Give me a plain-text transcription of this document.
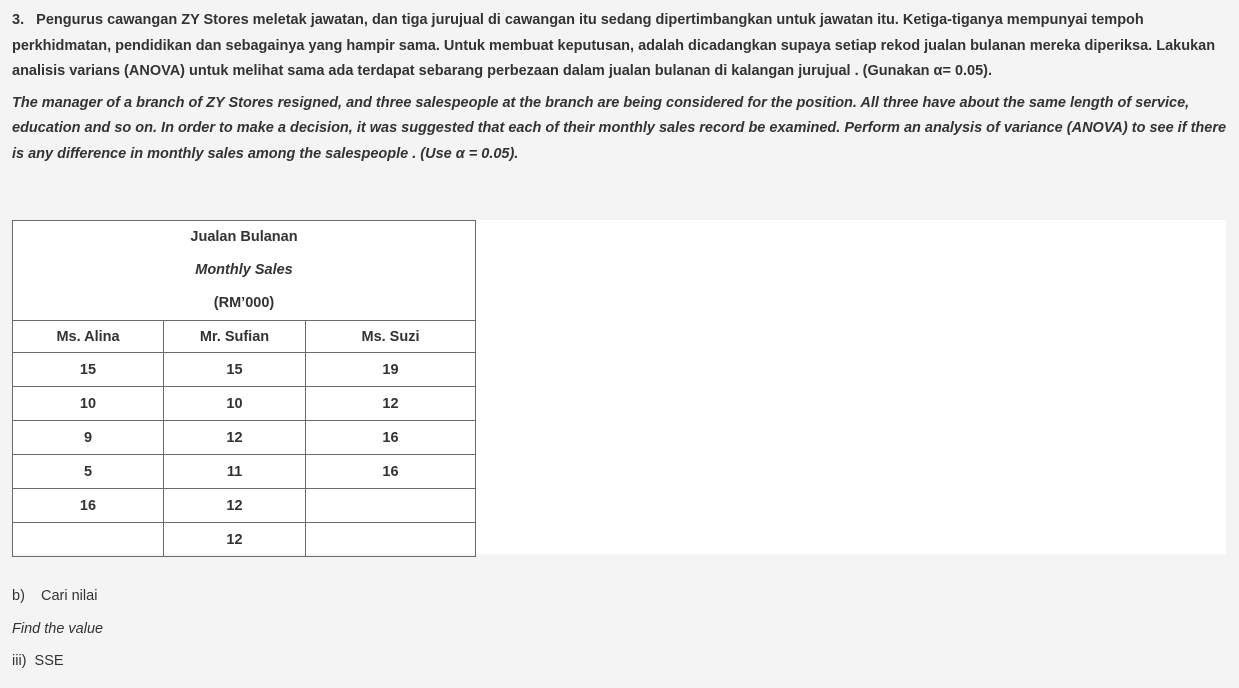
3.   Pengurus cawangan ZY Stores meletak jawatan, dan tiga jurujual di cawangan itu sedang dipertimbangkan untuk jawatan itu. Ketiga-tiganya mempunyai tempoh perkhidmatan, pendidikan dan sebagainya yang hampir sama. Untuk membuat keputusan, adalah dicadangkan supaya setiap rekod jualan bulanan mereka diperiksa. Lakukan analisis varians (ANOVA) untuk melihat sama ada terdapat sebarang perbezaan dalam jualan bulanan di kalangan jurujual . (Gunakan α= 0.05).

The manager of a branch of ZY Stores resigned, and three salespeople at the branch are being considered for the position. All three have about the same length of service, education and so on. In order to make a decision, it was suggested that each of their monthly sales record be examined. Perform an analysis of variance (ANOVA) to see if there is any difference in monthly sales among the salespeople . (Use α = 0.05).

Jualan Bulanan
Monthly Sales
(RM’000)		

Ms. Alina	Mr. Sufian	Ms. Suzi
15	15	19
10	10	12
9	12	16
5	11	16
16	12	
	12	
b)    Cari nilai
Find the value
iii)  SSE
